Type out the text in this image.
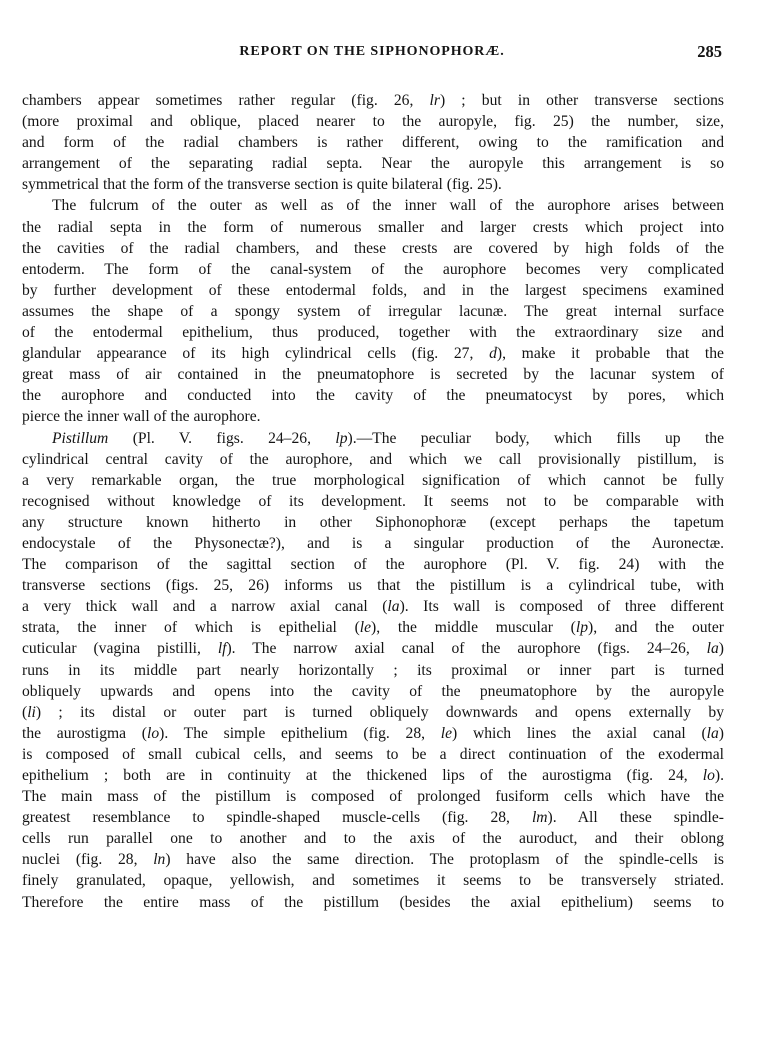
REPORT ON THE SIPHONOPHORÆ.	285
chambers appear sometimes rather regular (fig. 26, lr) ; but in other transverse sections
(more proximal and oblique, placed nearer to the auropyle, fig. 25) the number, size,
and form of the radial chambers is rather different, owing to the ramification and
arrangement of the separating radial septa. Near the auropyle this arrangement is so
symmetrical that the form of the transverse section is quite bilateral (fig. 25).
The fulcrum of the outer as well as of the inner wall of the aurophore arises between
the radial septa in the form of numerous smaller and larger crests which project into
the cavities of the radial chambers, and these crests are covered by high folds of the
entoderm. The form of the canal-system of the aurophore becomes very complicated
by further development of these entodermal folds, and in the largest specimens examined
assumes the shape of a spongy system of irregular lacunæ. The great internal surface
of the entodermal epithelium, thus produced, together with the extraordinary size and
glandular appearance of its high cylindrical cells (fig. 27, d), make it probable that the
great mass of air contained in the pneumatophore is secreted by the lacunar system of
the aurophore and conducted into the cavity of the pneumatocyst by pores, which
pierce the inner wall of the aurophore.
Pistillum (Pl. V. figs. 24–26, lp).—The peculiar body, which fills up the
cylindrical central cavity of the aurophore, and which we call provisionally pistillum, is
a very remarkable organ, the true morphological signification of which cannot be fully
recognised without knowledge of its development. It seems not to be comparable with
any structure known hitherto in other Siphonophoræ (except perhaps the tapetum
endocystale of the Physonectæ?), and is a singular production of the Auronectæ.
The comparison of the sagittal section of the aurophore (Pl. V. fig. 24) with the
transverse sections (figs. 25, 26) informs us that the pistillum is a cylindrical tube, with
a very thick wall and a narrow axial canal (la). Its wall is composed of three different
strata, the inner of which is epithelial (le), the middle muscular (lp), and the outer
cuticular (vagina pistilli, lf). The narrow axial canal of the aurophore (figs. 24–26, la)
runs in its middle part nearly horizontally ; its proximal or inner part is turned
obliquely upwards and opens into the cavity of the pneumatophore by the auropyle
(li) ; its distal or outer part is turned obliquely downwards and opens externally by
the aurostigma (lo). The simple epithelium (fig. 28, le) which lines the axial canal (la)
is composed of small cubical cells, and seems to be a direct continuation of the exodermal
epithelium ; both are in continuity at the thickened lips of the aurostigma (fig. 24, lo).
The main mass of the pistillum is composed of prolonged fusiform cells which have the
greatest resemblance to spindle-shaped muscle-cells (fig. 28, lm). All these spindle-
cells run parallel one to another and to the axis of the auroduct, and their oblong
nuclei (fig. 28, ln) have also the same direction. The protoplasm of the spindle-cells is
finely granulated, opaque, yellowish, and sometimes it seems to be transversely striated.
Therefore the entire mass of the pistillum (besides the axial epithelium) seems to
